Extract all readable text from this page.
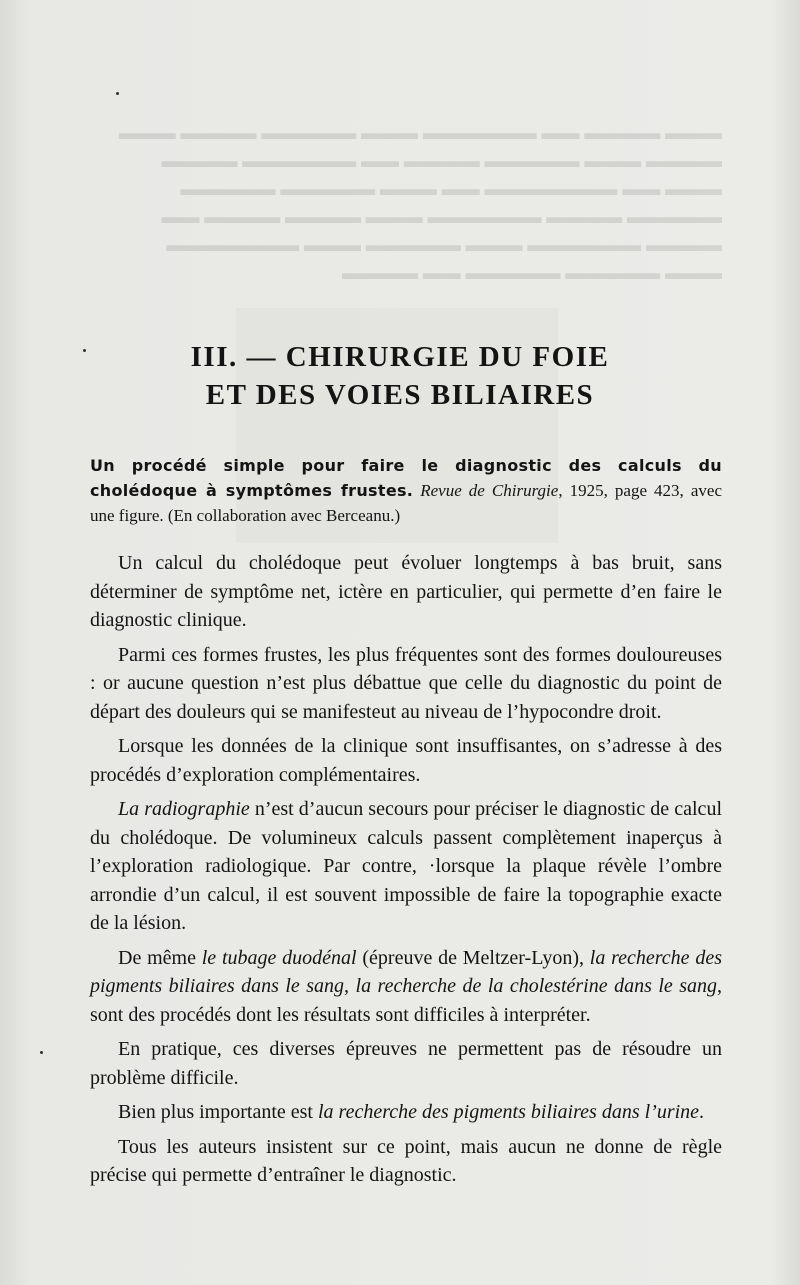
▬▬▬ ▬▬▬▬ ▬▬ ▬▬▬▬▬▬ ▬▬▬ ▬▬▬▬▬ ▬▬▬▬ ▬▬▬
▬▬▬▬ ▬▬▬ ▬▬▬▬▬ ▬▬▬▬ ▬▬ ▬▬▬▬▬▬ ▬▬▬▬
▬▬▬ ▬▬ ▬▬▬▬▬▬▬ ▬▬ ▬▬▬ ▬▬▬▬▬ ▬▬▬▬▬
▬▬▬▬▬ ▬▬▬▬ ▬▬▬▬▬▬ ▬▬▬ ▬▬▬▬ ▬▬▬▬ ▬▬
▬▬▬▬ ▬▬▬▬▬▬ ▬▬▬ ▬▬▬▬▬ ▬▬▬ ▬▬▬▬▬▬▬
▬▬▬ ▬▬▬▬▬ ▬▬▬▬▬ ▬▬ ▬▬▬▬
III. — CHIRURGIE DU FOIE
ET DES VOIES BILIAIRES

Un procédé simple pour faire le diagnostic des calculs du cholédoque à symptômes frustes. Revue de Chirurgie, 1925, page 423, avec une figure. (En collaboration avec Berceanu.)

Un calcul du cholédoque peut évoluer longtemps à bas bruit, sans déterminer de symptôme net, ictère en particulier, qui permette d’en faire le diagnostic clinique.

Parmi ces formes frustes, les plus fréquentes sont des formes douloureuses : or aucune question n’est plus débattue que celle du diagnostic du point de départ des douleurs qui se manifesteut au niveau de l’hypocondre droit.

Lorsque les données de la clinique sont insuffisantes, on s’adresse à des procédés d’exploration complémentaires.

La radiographie n’est d’aucun secours pour préciser le diagnostic de calcul du cholédoque. De volumineux calculs passent complètement inaperçus à l’exploration radiologique. Par contre, ·lorsque la plaque révèle l’ombre arrondie d’un calcul, il est souvent impossible de faire la topographie exacte de la lésion.

De même le tubage duodénal (épreuve de Meltzer-Lyon), la recherche des pigments biliaires dans le sang, la recherche de la cholestérine dans le sang, sont des procédés dont les résultats sont difficiles à interpréter.

En pratique, ces diverses épreuves ne permettent pas de résoudre un problème difficile.

Bien plus importante est la recherche des pigments biliaires dans l’urine.

Tous les auteurs insistent sur ce point, mais aucun ne donne de règle précise qui permette d’entraîner le diagnostic.
